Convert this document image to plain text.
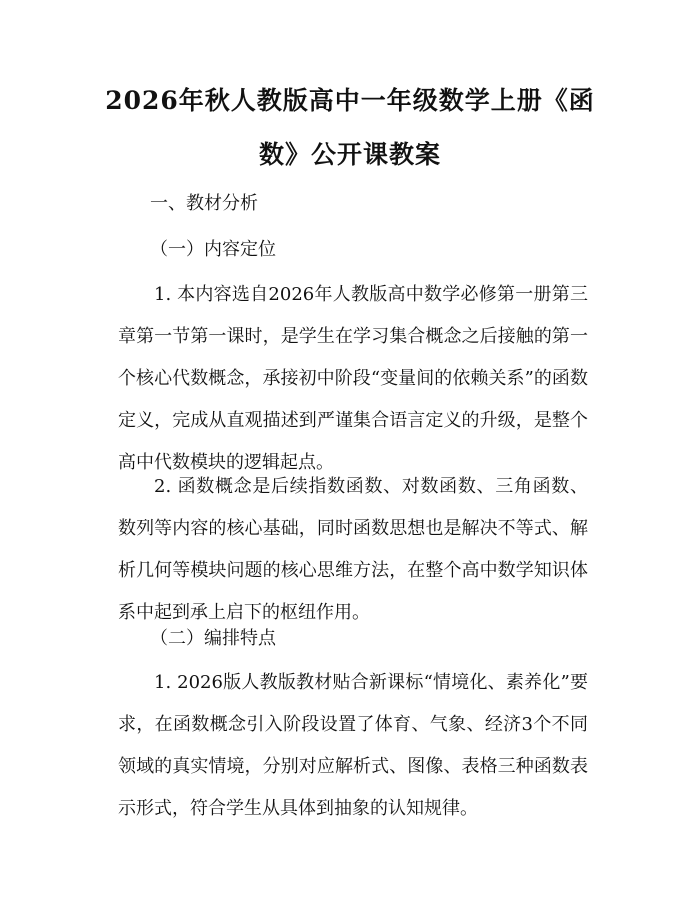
2026年秋人教版高中一年级数学上册《函
数》公开课教案
一、教材分析
（一）内容定位

1. 本内容选自2026年人教版高中数学必修第一册第三章第一节第一课时，是学生在学习集合概念之后接触的第一个核心代数概念，承接初中阶段“变量间的依赖关系”的函数定义，完成从直观描述到严谨集合语言定义的升级，是整个高中代数模块的逻辑起点。

2. 函数概念是后续指数函数、对数函数、三角函数、数列等内容的核心基础，同时函数思想也是解决不等式、解析几何等模块问题的核心思维方法，在整个高中数学知识体系中起到承上启下的枢纽作用。

（二）编排特点

1. 2026版人教版教材贴合新课标“情境化、素养化”要求，在函数概念引入阶段设置了体育、气象、经济3个不同领域的真实情境，分别对应解析式、图像、表格三种函数表示形式，符合学生从具体到抽象的认知规律。
